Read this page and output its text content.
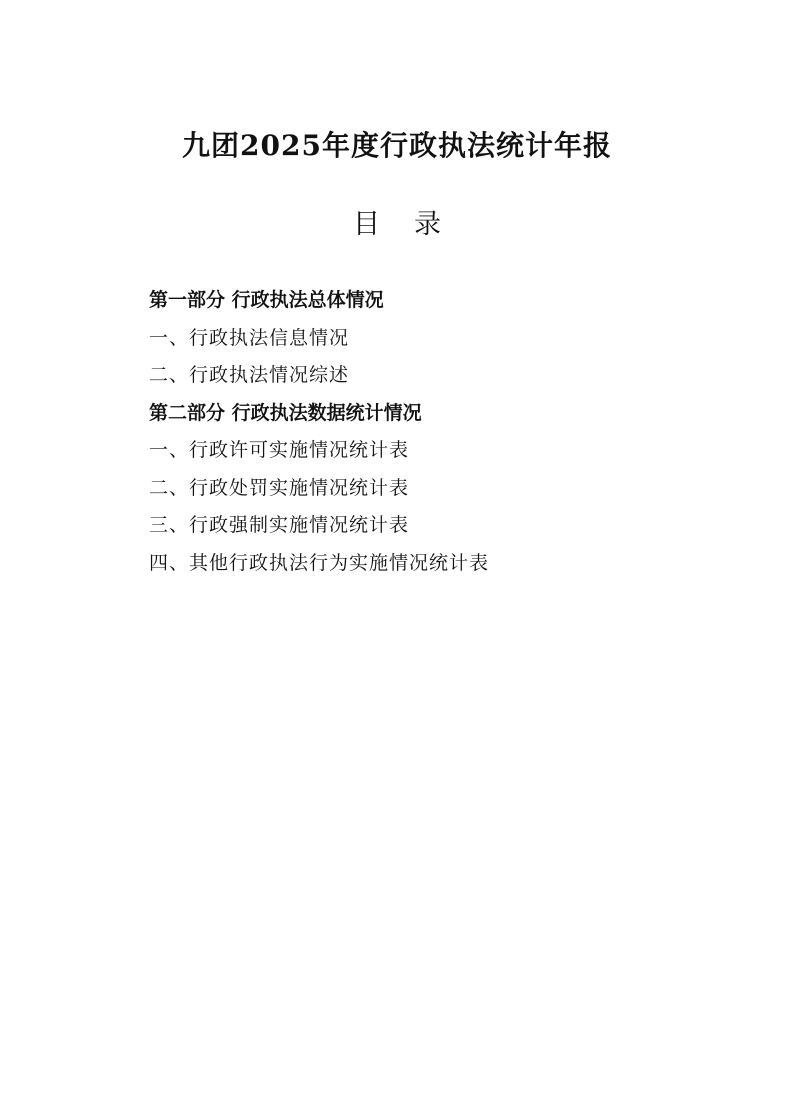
九团2025年度行政执法统计年报
目录
第一部分 行政执法总体情况
一、行政执法信息情况
二、行政执法情况综述
第二部分 行政执法数据统计情况
一、行政许可实施情况统计表
二、行政处罚实施情况统计表
三、行政强制实施情况统计表
四、其他行政执法行为实施情况统计表
